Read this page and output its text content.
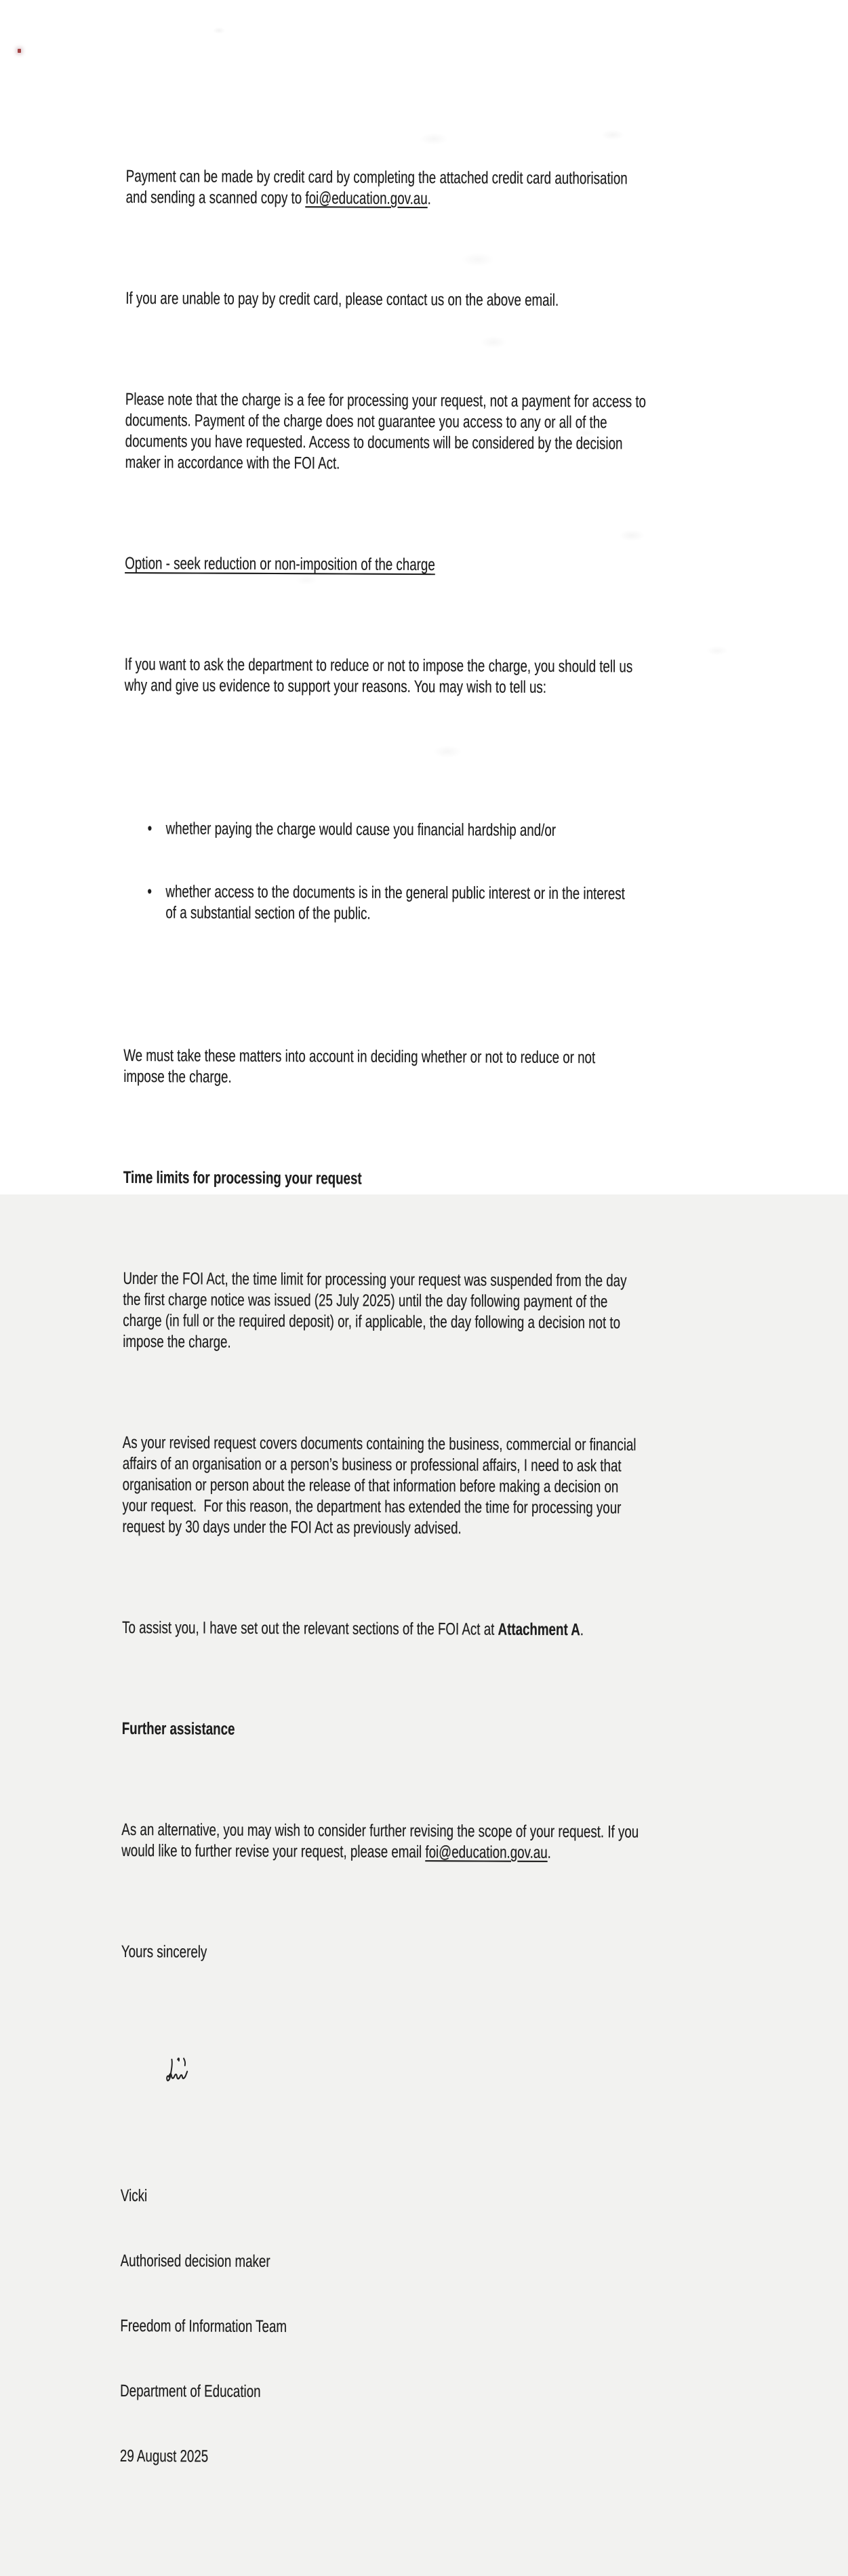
Payment can be made by credit card by completing the attached credit card authorisation
and sending a scanned copy to foi@education.gov.au.

If you are unable to pay by credit card, please contact us on the above email.

Please note that the charge is a fee for processing your request, not a payment for access to
documents. Payment of the charge does not guarantee you access to any or all of the
documents you have requested. Access to documents will be considered by the decision
maker in accordance with the FOI Act.

Option - seek reduction or non-imposition of the charge

If you want to ask the department to reduce or not to impose the charge, you should tell us
why and give us evidence to support your reasons. You may wish to tell us:

• whether paying the charge would cause you financial hardship and/or

• whether access to the documents is in the general public interest or in the interest
of a substantial section of the public.

We must take these matters into account in deciding whether or not to reduce or not
impose the charge.

Time limits for processing your request

Under the FOI Act, the time limit for processing your request was suspended from the day
the first charge notice was issued (25 July 2025) until the day following payment of the
charge (in full or the required deposit) or, if applicable, the day following a decision not to
impose the charge.

As your revised request covers documents containing the business, commercial or financial
affairs of an organisation or a person’s business or professional affairs, I need to ask that
organisation or person about the release of that information before making a decision on
your request.  For this reason, the department has extended the time for processing your
request by 30 days under the FOI Act as previously advised.

To assist you, I have set out the relevant sections of the FOI Act at Attachment A.

Further assistance

As an alternative, you may wish to consider further revising the scope of your request. If you
would like to further revise your request, please email foi@education.gov.au.

Yours sincerely

Vicki

Authorised decision maker

Freedom of Information Team

Department of Education

29 August 2025
